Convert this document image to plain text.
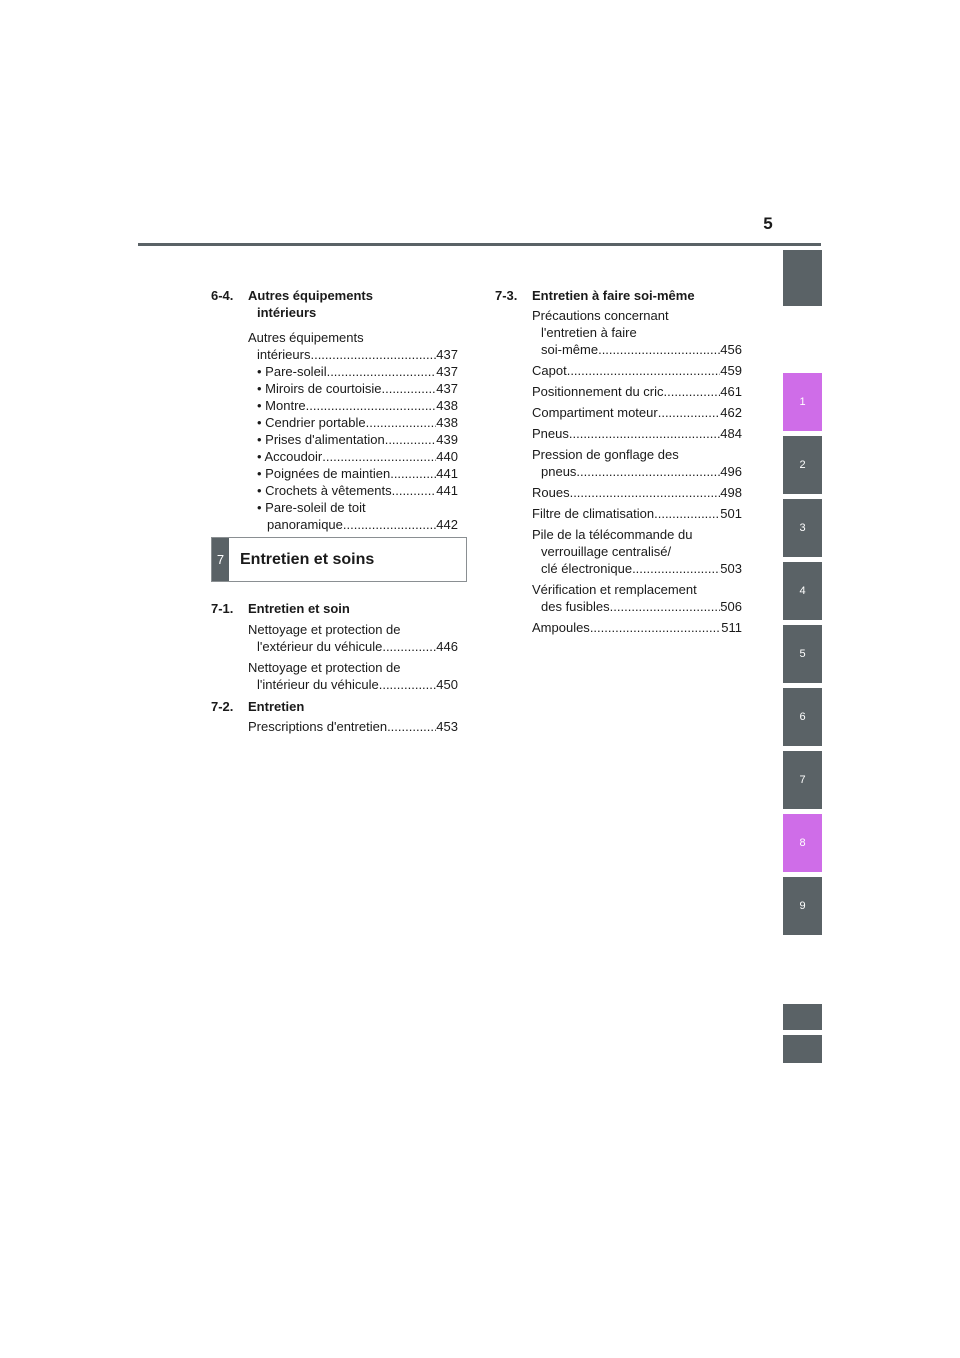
5
1
2
3
4
5
6
7
8
9
6-4.	Autres équipements
intérieurs
Autres équipements
intérieurs .....	437
• Pare-soleil .....	437
• Miroirs de courtoisie .....	437
• Montre .....	438
• Cendrier portable .....	438
• Prises d'alimentation .....	439
• Accoudoir .....	440
• Poignées de maintien .....	441
• Crochets à vêtements .....	441
• Pare-soleil de toit
panoramique .....	442
7 Entretien et soins
7-1.	Entretien et soin
Nettoyage et protection de
l'extérieur du véhicule .....	446
Nettoyage et protection de
l'intérieur du véhicule .....	450
7-2.	Entretien
Prescriptions d'entretien .....	453
7-3.	Entretien à faire soi-même
Précautions concernant
l'entretien à faire
soi-même .....	456
Capot .....	459
Positionnement du cric .....	461
Compartiment moteur .....	462
Pneus .....	484
Pression de gonflage des
pneus .....	496
Roues .....	498
Filtre de climatisation .....	501
Pile de la télécommande du
verrouillage centralisé/
clé électronique .....	503
Vérification et remplacement
des fusibles .....	506
Ampoules .....	511
